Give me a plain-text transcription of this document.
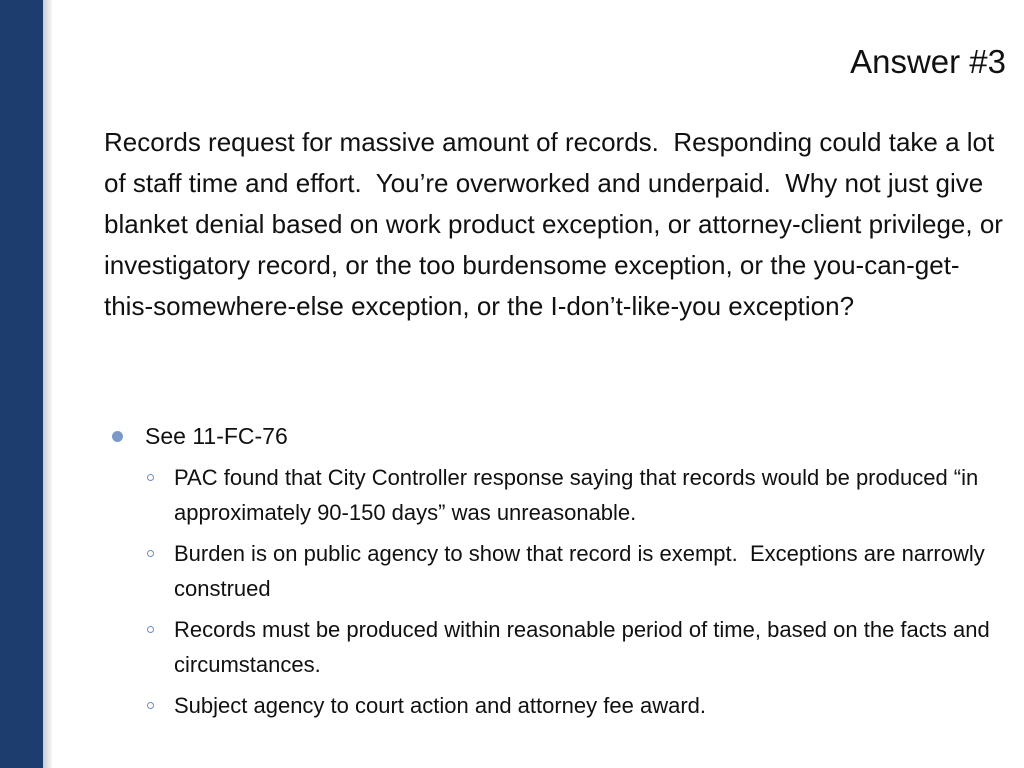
Answer #3

Records request for massive amount of records.  Responding could take a lot of staff time and effort.  You’re overworked and underpaid.  Why not just give blanket denial based on work product exception, or attorney-client privilege, or investigatory record, or the too burdensome exception, or the you-can-get-this-somewhere-else exception, or the I-don’t-like-you exception?

See 11-FC-76
PAC found that City Controller response saying that records would be produced “in approximately 90-150 days” was unreasonable.
Burden is on public agency to show that record is exempt.  Exceptions are narrowly construed
Records must be produced within reasonable period of time, based on the facts and circumstances.
Subject agency to court action and attorney fee award.
